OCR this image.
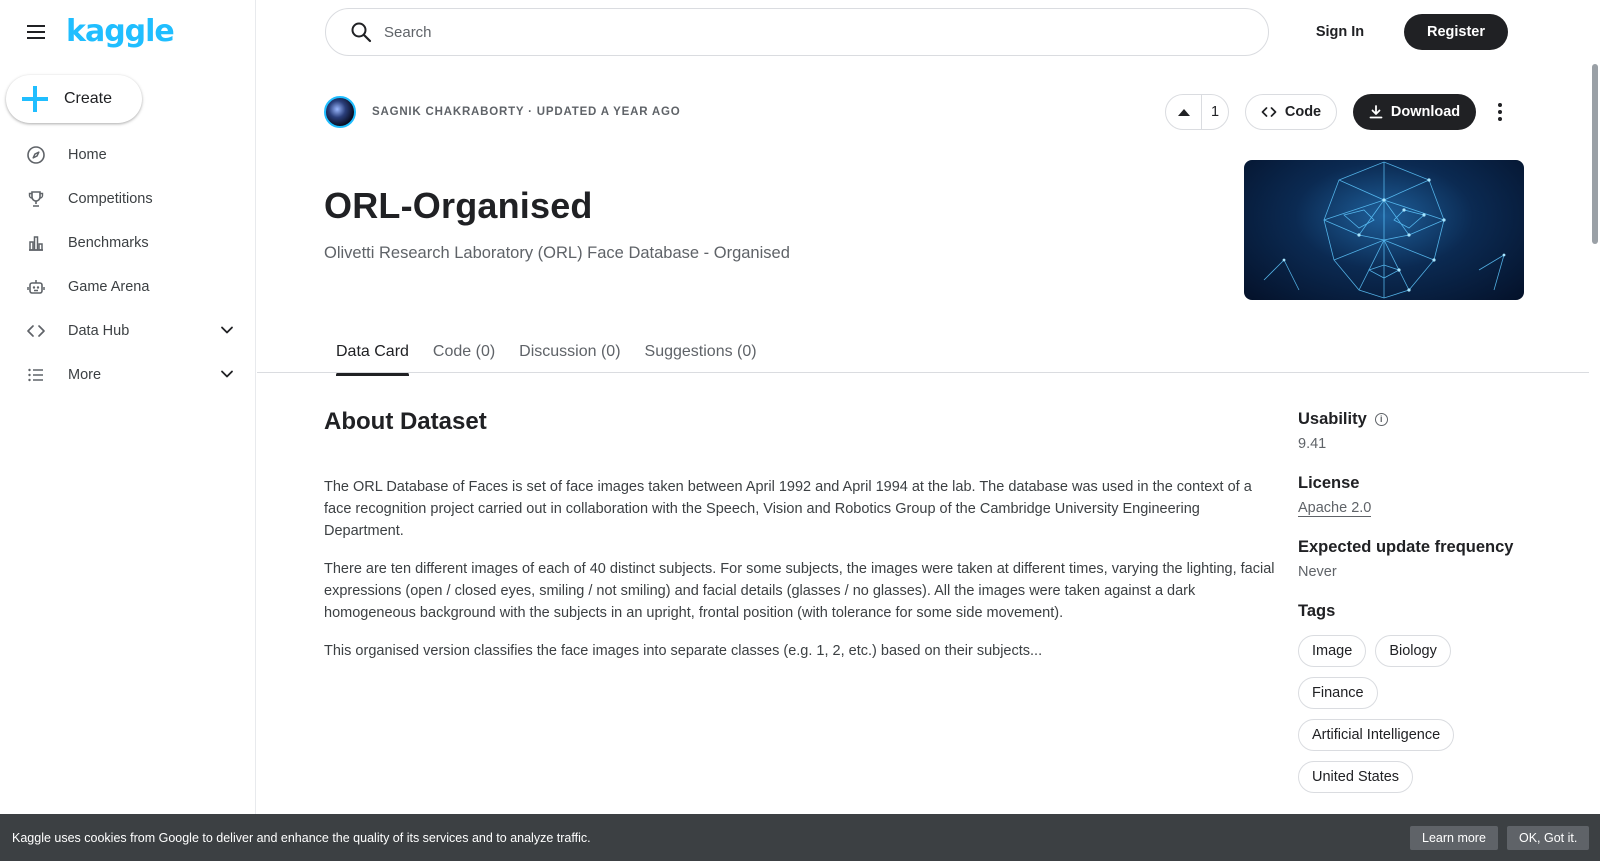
kaggle
Create
Home
Competitions
Benchmarks
Game Arena
Data Hub
More
Search
Sign In	Register
SAGNIK CHAKRABORTY · UPDATED A YEAR AGO	1	Code	Download
ORL-Organised
Olivetti Research Laboratory (ORL) Face Database - Organised
Data Card	Code (0)	Discussion (0)	Suggestions (0)
About Dataset

The ORL Database of Faces is set of face images taken between April 1992 and April 1994 at the lab. The database was used in the context of a face recognition project carried out in collaboration with the Speech, Vision and Robotics Group of the Cambridge University Engineering Department.

There are ten different images of each of 40 distinct subjects. For some subjects, the images were taken at different times, varying the lighting, facial expressions (open / closed eyes, smiling / not smiling) and facial details (glasses / no glasses). All the images were taken against a dark homogeneous background with the subjects in an upright, frontal position (with tolerance for some side movement).

This organised version classifies the face images into separate classes (e.g. 1, 2, etc.) based on their subjects...

Usability	i
9.41
License
Apache 2.0
Expected update frequency
Never
Tags
Image	Biology
Finance
Artificial Intelligence
United States
Kaggle uses cookies from Google to deliver and enhance the quality of its services and to analyze traffic.	Learn more	OK, Got it.
